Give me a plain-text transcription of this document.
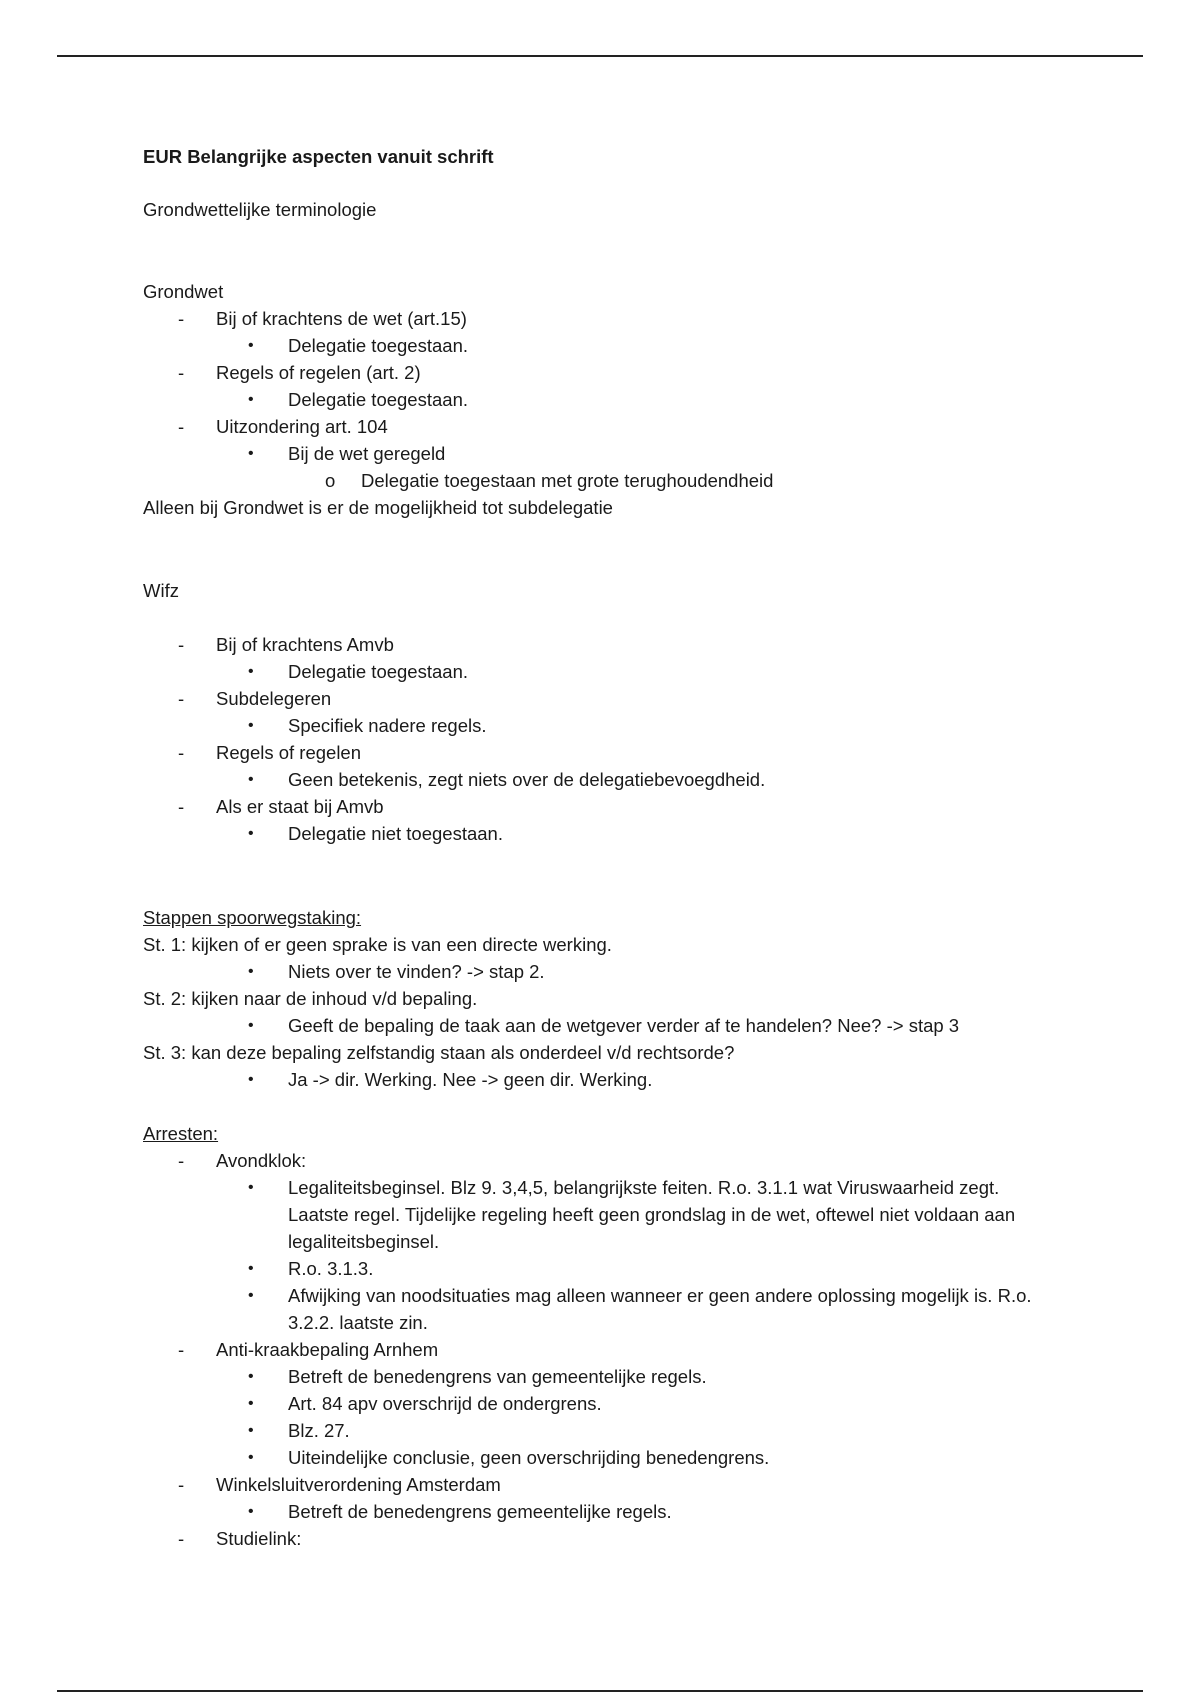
EUR Belangrijke aspecten vanuit schrift
Grondwettelijke terminologie
Grondwet
- Bij of krachtens de wet (art.15)
• Delegatie toegestaan.
- Regels of regelen (art. 2)
• Delegatie toegestaan.
- Uitzondering art. 104
• Bij de wet geregeld
o Delegatie toegestaan met grote terughoudendheid
Alleen bij Grondwet is er de mogelijkheid tot subdelegatie
Wifz
- Bij of krachtens Amvb
• Delegatie toegestaan.
- Subdelegeren
• Specifiek nadere regels.
- Regels of regelen
• Geen betekenis, zegt niets over de delegatiebevoegdheid.
- Als er staat bij Amvb
• Delegatie niet toegestaan.
Stappen spoorwegstaking:
St. 1: kijken of er geen sprake is van een directe werking.
• Niets over te vinden? -> stap 2.
St. 2: kijken naar de inhoud v/d bepaling.
• Geeft de bepaling de taak aan de wetgever verder af te handelen? Nee? -> stap 3
St. 3: kan deze bepaling zelfstandig staan als onderdeel v/d rechtsorde?
• Ja -> dir. Werking. Nee -> geen dir. Werking.
Arresten:
- Avondklok:
• Legaliteitsbeginsel. Blz 9. 3,4,5, belangrijkste feiten. R.o. 3.1.1 wat Viruswaarheid zegt. Laatste regel. Tijdelijke regeling heeft geen grondslag in de wet, oftewel niet voldaan aan legaliteitsbeginsel.
• R.o. 3.1.3.
• Afwijking van noodsituaties mag alleen wanneer er geen andere oplossing mogelijk is. R.o. 3.2.2. laatste zin.
- Anti-kraakbepaling Arnhem
• Betreft de benedengrens van gemeentelijke regels.
• Art. 84 apv overschrijd de ondergrens.
• Blz. 27.
• Uiteindelijke conclusie, geen overschrijding benedengrens.
- Winkelsluitverordening Amsterdam
• Betreft de benedengrens gemeentelijke regels.
- Studielink:
